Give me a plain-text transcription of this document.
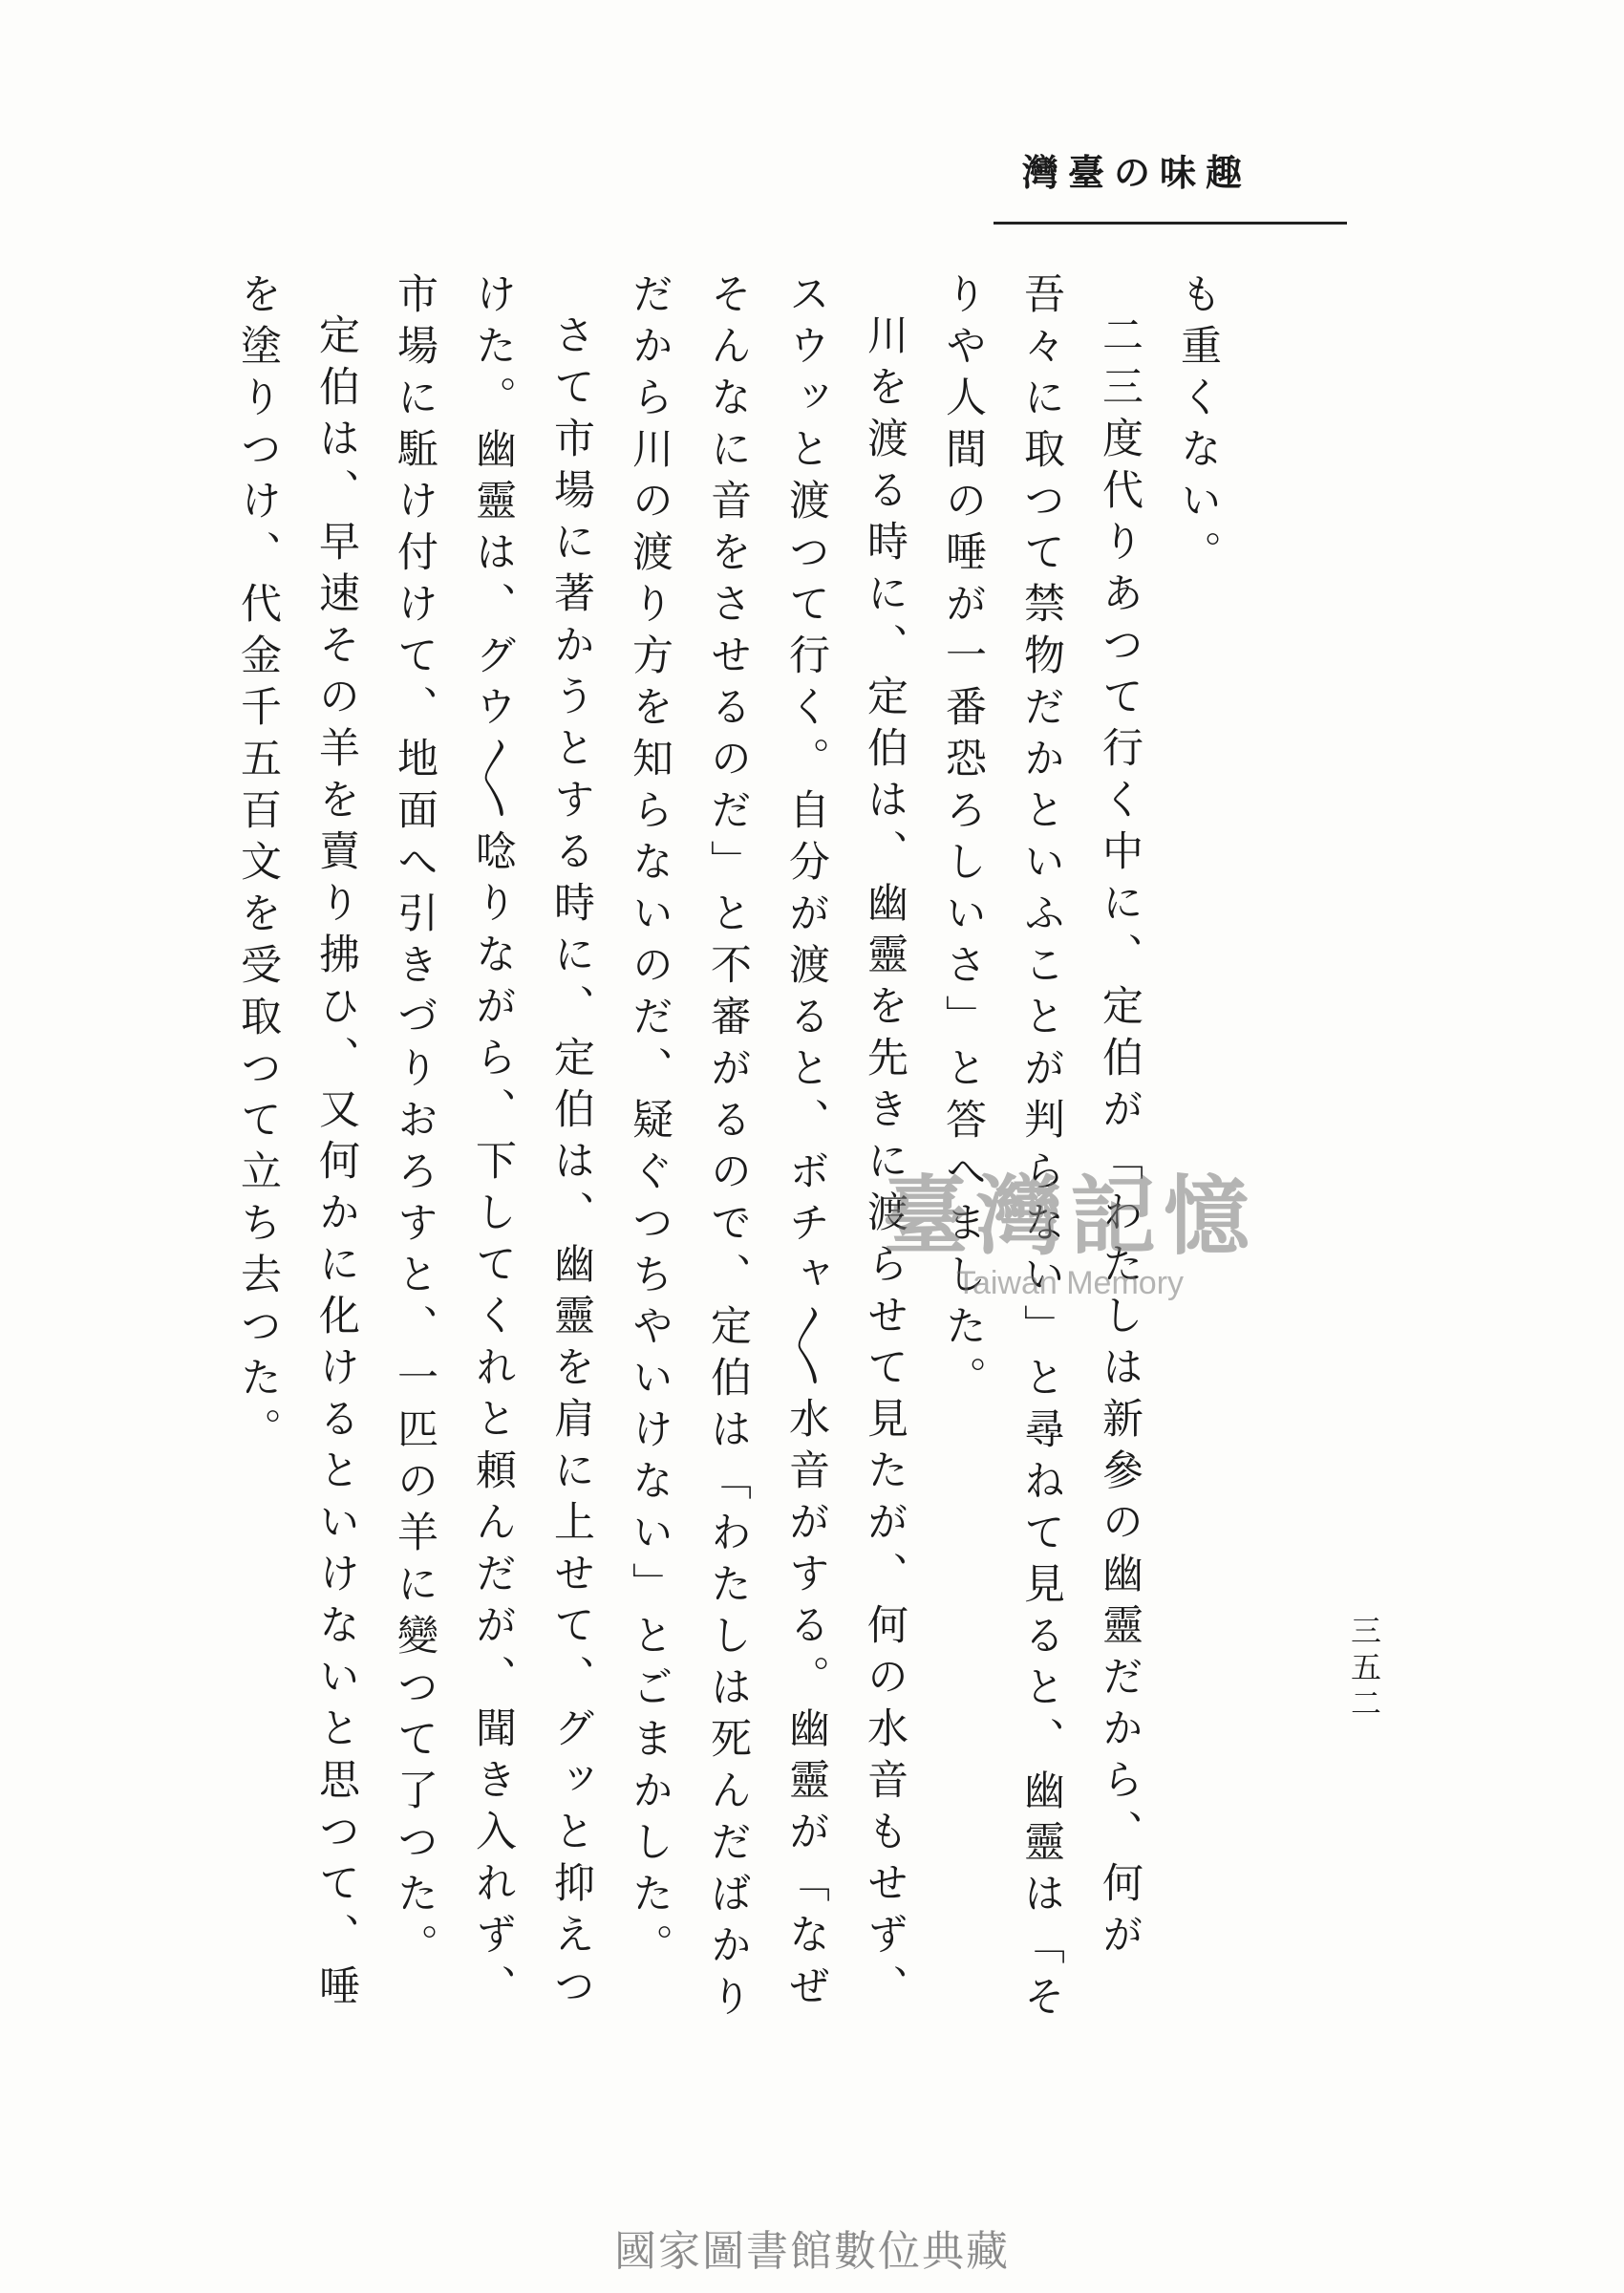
趣味の臺灣

も重くない。

二三度代りあつて行く中に、定伯が「わたしは新參の幽靈だから、何が吾々に取つて禁物だかといふことが判らない」と尋ねて見ると、幽靈は「そりや人間の唾が一番恐ろしいさ」と答へました。

川を渡る時に、定伯は、幽靈を先きに渡らせて見たが、何の水音もせず、スウッと渡つて行く。自分が渡ると、ボチャ〳〵水音がする。幽靈が「なぜそんなに音をさせるのだ」と不審がるので、定伯は「わたしは死んだばかりだから川の渡り方を知らないのだ、疑ぐつちやいけない」とごまかした。

さて市場に著かうとする時に、定伯は、幽靈を肩に上せて、グッと抑えつけた。幽靈は、グウ〳〵唸りながら、下してくれと頼んだが、聞き入れず、市場に駈け付けて、地面へ引きづりおろすと、一匹の羊に變つて了つた。

定伯は、早速その羊を賣り拂ひ、又何かに化けるといけないと思つて、唾を塗りつけ、代金千五百文を受取つて立ち去つた。

三五二
臺灣記憶
Taiwan Memory
國家圖書館數位典藏
